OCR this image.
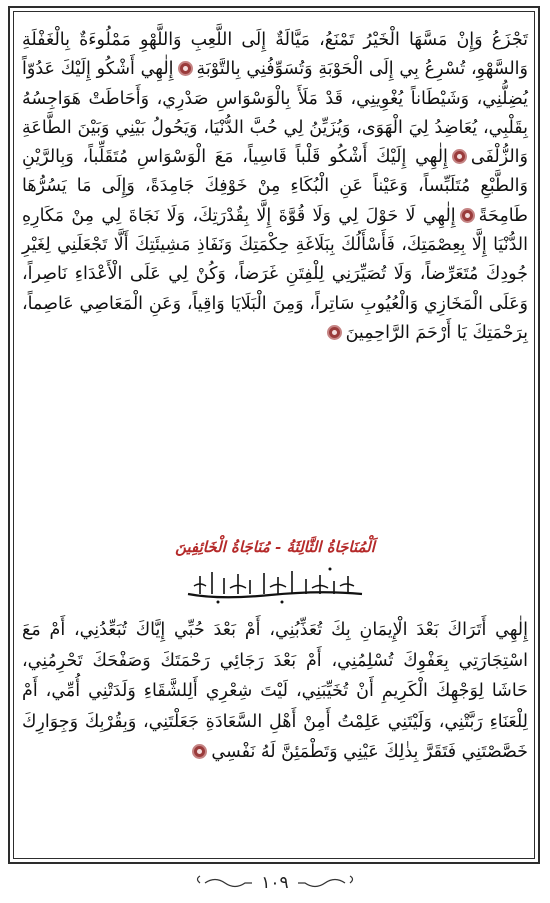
تَجْزَعُ وَإِنْ مَسَّهَا الْخَيْرُ تَمْنَعُ، مَيَّالَةٌ إِلَى اللَّعِبِ وَاللَّهْوِ مَمْلُوءَةٌ بِالْغَفْلَةِ وَالسَّهْوِ، تُسْرِعُ بِي إِلَى الْحَوْبَةِ وَتُسَوِّفُنِي بِالتَّوْبَةِإِلٰهِي أَشْكُو إِلَيْكَ عَدُوّاً يُضِلُّنِي، وَشَيْطَاناً يُغْوِينِي، قَدْ مَلَأَ بِالْوَسْوَاسِ صَدْرِي، وَأَحَاطَتْ هَوَاجِسُهُ بِقَلْبِي، يُعَاضِدُ لِيَ الْهَوَى، وَيُزَيِّنُ لِي حُبَّ الدُّنْيَا، وَيَحُولُ بَيْنِي وَبَيْنَ الطَّاعَةِ وَالزُّلْفَىإِلٰهِي إِلَيْكَ أَشْكُو قَلْباً قَاسِياً، مَعَ الْوَسْوَاسِ مُتَقَلِّباً، وَبِالرَّيْنِ وَالطَّبْعِ مُتَلَبِّساً، وَعَيْناً عَنِ الْبُكَاءِ مِنْ خَوْفِكَ جَامِدَةً، وَإِلَى مَا يَسُرُّهَا طَامِحَةًإِلٰهِي لَا حَوْلَ لِي وَلَا قُوَّةَ إِلَّا بِقُدْرَتِكَ، وَلَا نَجَاةَ لِي مِنْ مَكَارِهِ الدُّنْيَا إِلَّا بِعِصْمَتِكَ، فَأَسْأَلُكَ بِبَلَاغَةِ حِكْمَتِكَ وَنَفَاذِ مَشِيئَتِكَ أَلَّا تَجْعَلَنِي لِغَيْرِ جُودِكَ مُتَعَرِّضاً، وَلَا تُصَيِّرَنِي لِلْفِتَنِ غَرَضاً، وَكُنْ لِي عَلَى الْأَعْدَاءِ نَاصِراً، وَعَلَى الْمَخَازِي وَالْعُيُوبِ سَاتِراً، وَمِنَ الْبَلَايَا وَاقِياً، وَعَنِ الْمَعَاصِي عَاصِماً، بِرَحْمَتِكَ يَا أَرْحَمَ الرَّاحِمِينَ
اَلْمُنَاجَاةُ الثَّالِثَةُ - مُنَاجَاةُ الْخَائِفِينَ
إِلٰهِي أَتَرَاكَ بَعْدَ الْإِيمَانِ بِكَ تُعَذِّبُنِي، أَمْ بَعْدَ حُبِّي إِيَّاكَ تُبَعِّدُنِي، أَمْ مَعَ اسْتِجَارَتِي بِعَفْوِكَ تُسْلِمُنِي، أَمْ بَعْدَ رَجَائِي رَحْمَتَكَ وَصَفْحَكَ تَحْرِمُنِي، حَاشَا لِوَجْهِكَ الْكَرِيمِ أَنْ تُخَيِّبَنِي، لَيْتَ شِعْرِي أَلِلشَّقَاءِ وَلَدَتْنِي أُمِّي، أَمْ لِلْعَنَاءِ رَبَّتْنِي، وَلَيْتَنِي عَلِمْتُ أَمِنْ أَهْلِ السَّعَادَةِ جَعَلْتَنِي، وَبِقُرْبِكَ وَجِوَارِكَ خَصَّصْتَنِي فَتَقَرَّ بِذٰلِكَ عَيْنِي وَتَطْمَئِنَّ لَهُ نَفْسِي
١٠٩
